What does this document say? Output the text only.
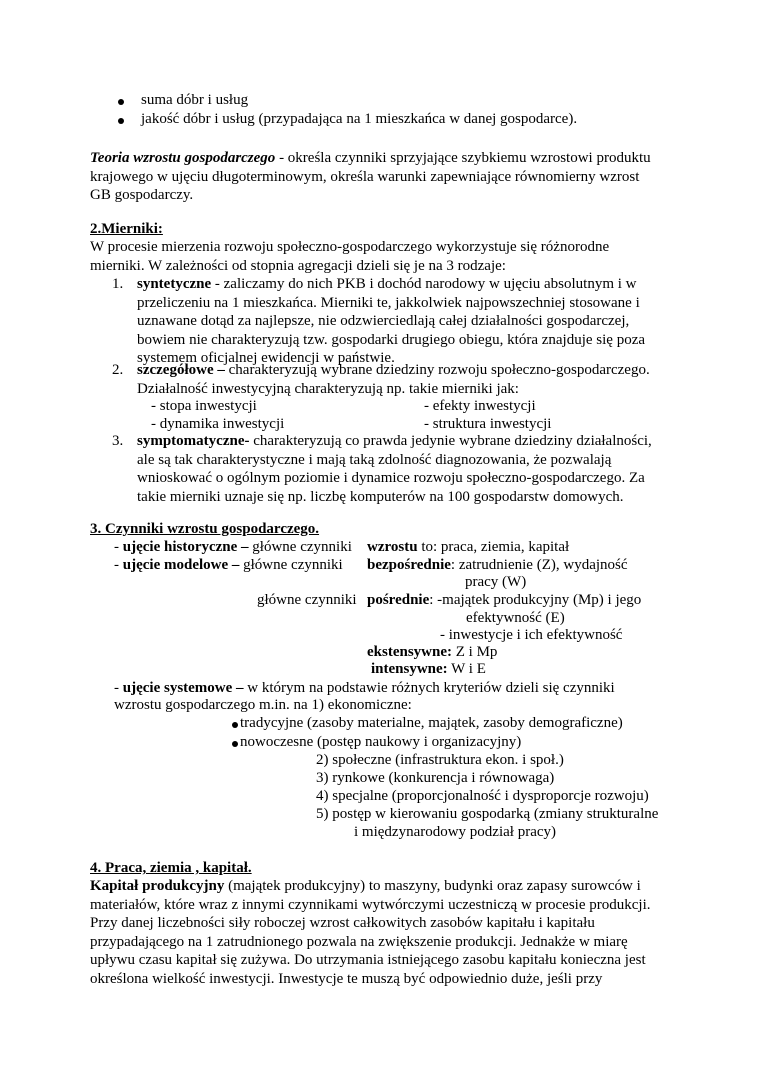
suma dóbr i usług
jakość dóbr i usług (przypadająca na 1 mieszkańca w danej gospodarce).
Teoria wzrostu gospodarczego - określa czynniki sprzyjające szybkiemu wzrostowi produktu
krajowego w ujęciu długoterminowym, określa warunki zapewniające równomierny wzrost
GB gospodarczy.
2.Mierniki:
W procesie mierzenia rozwoju społeczno-gospodarczego wykorzystuje się różnorodne
mierniki. W zależności od stopnia agregacji dzieli się je na 3 rodzaje:
1. syntetyczne - zaliczamy do nich PKB i dochód narodowy w ujęciu absolutnym i w
przeliczeniu na 1 mieszkańca. Mierniki te, jakkolwiek najpowszechniej stosowane i
uznawane dotąd za najlepsze, nie odzwierciedlają całej działalności gospodarczej,
bowiem nie charakteryzują tzw. gospodarki drugiego obiegu, która znajduje się poza
systemem oficjalnej ewidencji w państwie.
2. szczegółowe – charakteryzują wybrane dziedziny rozwoju społeczno-gospodarczego.
Działalność inwestycyjną charakteryzują np. takie mierniki jak:
- stopa inwestycji	- efekty inwestycji
- dynamika inwestycji	- struktura inwestycji
3. symptomatyczne- charakteryzują co prawda jedynie wybrane dziedziny działalności,
ale są tak charakterystyczne i mają taką zdolność diagnozowania, że pozwalają
wnioskować o ogólnym poziomie i dynamice rozwoju społeczno-gospodarczego. Za
takie mierniki uznaje się np. liczbę komputerów na 100 gospodarstw domowych.
3. Czynniki wzrostu gospodarczego.
- ujęcie historyczne – główne czynniki wzrostu to: praca, ziemia, kapitał
- ujęcie modelowe – główne czynniki bezpośrednie: zatrudnienie (Z), wydajność
pracy (W)
główne czynniki pośrednie: -majątek produkcyjny (Mp) i jego
efektywność (E)
- inwestycje i ich efektywność
ekstensywne: Z i Mp
intensywne: W i E
- ujęcie systemowe – w którym na podstawie różnych kryteriów dzieli się czynniki
wzrostu gospodarczego m.in. na 1) ekonomiczne:
tradycyjne (zasoby materialne, majątek, zasoby demograficzne)
nowoczesne (postęp naukowy i organizacyjny)
2) społeczne (infrastruktura ekon. i społ.)
3) rynkowe (konkurencja i równowaga)
4) specjalne (proporcjonalność i dysproporcje rozwoju)
5) postęp w kierowaniu gospodarką (zmiany strukturalne
i międzynarodowy podział pracy)
4. Praca, ziemia , kapitał.
Kapitał produkcyjny (majątek produkcyjny) to maszyny, budynki oraz zapasy surowców i
materiałów, które wraz z innymi czynnikami wytwórczymi uczestniczą w procesie produkcji.
Przy danej liczebności siły roboczej wzrost całkowitych zasobów kapitału i kapitału
przypadającego na 1 zatrudnionego pozwala na zwiększenie produkcji. Jednakże w miarę
upływu czasu kapitał się zużywa. Do utrzymania istniejącego zasobu kapitału konieczna jest
określona wielkość inwestycji. Inwestycje te muszą być odpowiednio duże, jeśli przy
